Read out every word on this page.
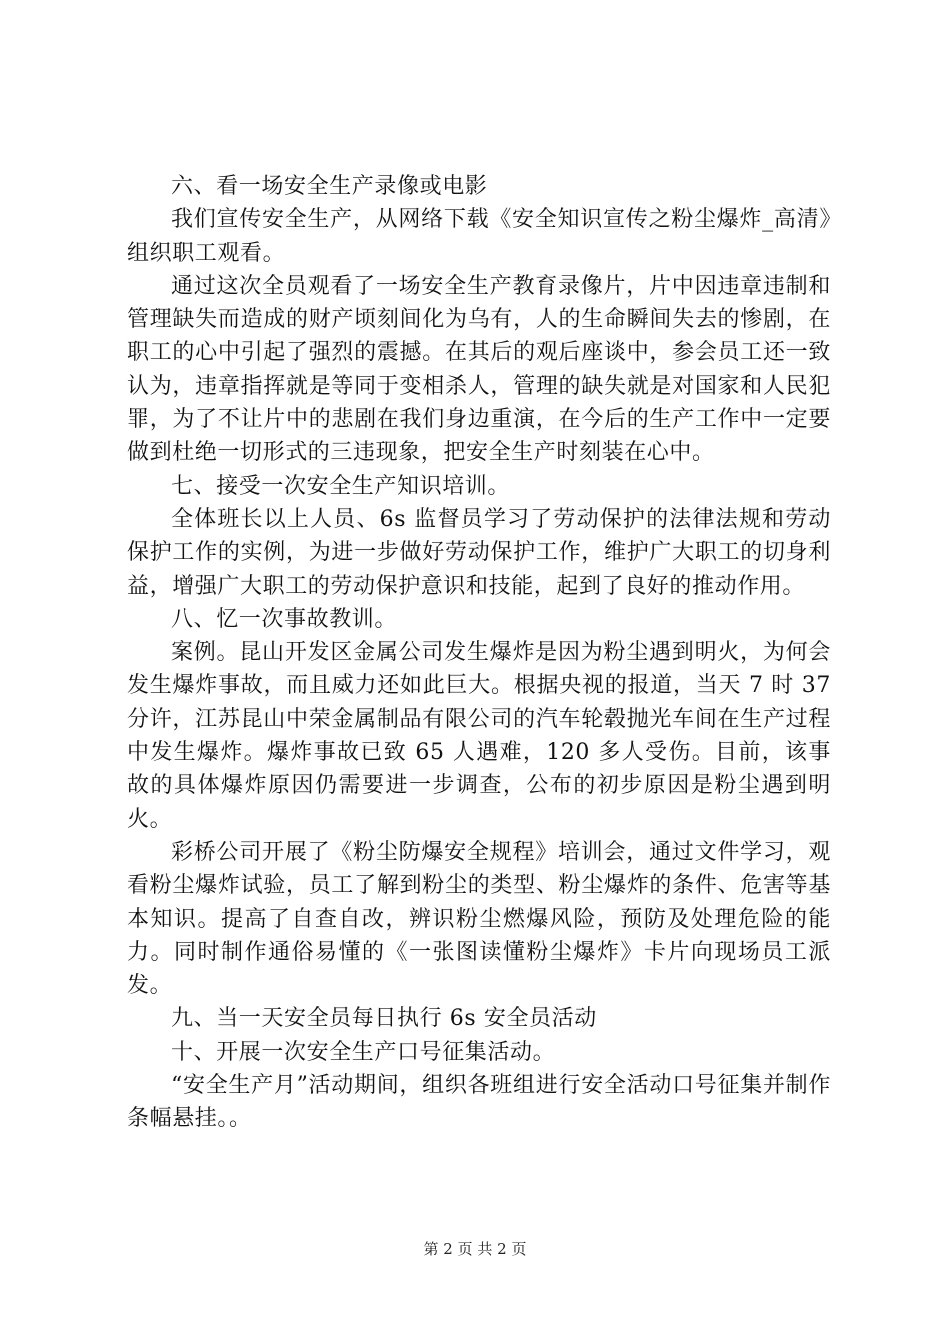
六、看一场安全生产录像或电影

我们宣传安全生产，从网络下载《安全知识宣传之粉尘爆炸_高清》组织职工观看。

通过这次全员观看了一场安全生产教育录像片，片中因违章违制和管理缺失而造成的财产顷刻间化为乌有，人的生命瞬间失去的惨剧，在职工的心中引起了强烈的震撼。在其后的观后座谈中，参会员工还一致认为，违章指挥就是等同于变相杀人，管理的缺失就是对国家和人民犯罪，为了不让片中的悲剧在我们身边重演，在今后的生产工作中一定要做到杜绝一切形式的三违现象，把安全生产时刻装在心中。

七、接受一次安全生产知识培训。

全体班长以上人员、6s 监督员学习了劳动保护的法律法规和劳动保护工作的实例，为进一步做好劳动保护工作，维护广大职工的切身利益，增强广大职工的劳动保护意识和技能，起到了良好的推动作用。

八、忆一次事故教训。

案例。昆山开发区金属公司发生爆炸是因为粉尘遇到明火，为何会发生爆炸事故，而且威力还如此巨大。根据央视的报道，当天 7 时 37 分许，江苏昆山中荣金属制品有限公司的汽车轮毂抛光车间在生产过程中发生爆炸。爆炸事故已致 65 人遇难，120 多人受伤。目前，该事故的具体爆炸原因仍需要进一步调查，公布的初步原因是粉尘遇到明火。

彩桥公司开展了《粉尘防爆安全规程》培训会，通过文件学习，观看粉尘爆炸试验，员工了解到粉尘的类型、粉尘爆炸的条件、危害等基本知识。提高了自查自改，辨识粉尘燃爆风险，预防及处理危险的能力。同时制作通俗易懂的《一张图读懂粉尘爆炸》卡片向现场员工派发。

九、当一天安全员每日执行 6s 安全员活动

十、开展一次安全生产口号征集活动。

“安全生产月”活动期间，组织各班组进行安全活动口号征集并制作条幅悬挂。。

第 2 页 共 2 页
